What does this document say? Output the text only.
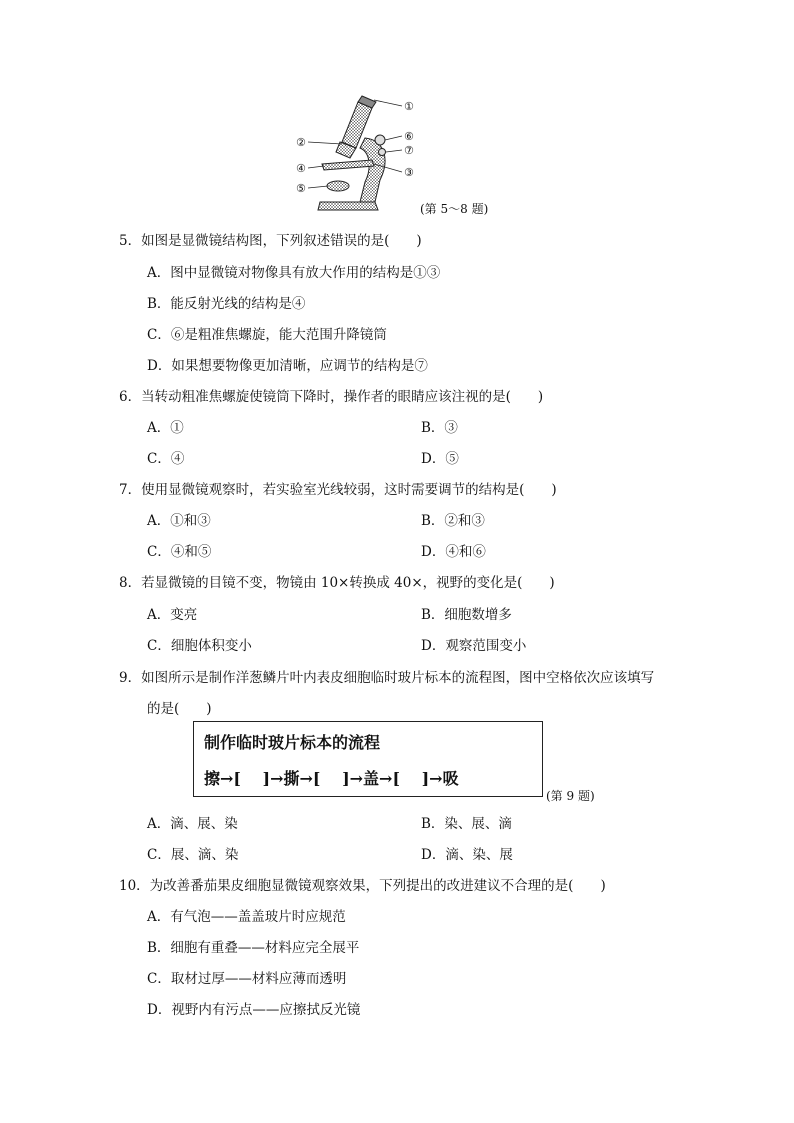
①
②
③
④
⑤
⑥
⑦
(第 5～8 题)
5．如图是显微镜结构图，下列叙述错误的是(　　)
A．图中显微镜对物像具有放大作用的结构是①③
B．能反射光线的结构是④
C．⑥是粗准焦螺旋，能大范围升降镜筒
D．如果想要物像更加清晰，应调节的结构是⑦
6．当转动粗准焦螺旋使镜筒下降时，操作者的眼睛应该注视的是(　　)
A．①	B．③
C．④	D．⑤
7．使用显微镜观察时，若实验室光线较弱，这时需要调节的结构是(　　)
A．①和③	B．②和③
C．④和⑤	D．④和⑥
8．若显微镜的目镜不变，物镜由 10×转换成 40×，视野的变化是(　　)
A．变亮	B．细胞数增多
C．细胞体积变小	D．观察范围变小
9．如图所示是制作洋葱鳞片叶内表皮细胞临时玻片标本的流程图，图中空格依次应该填写
的是(　　)
制作临时玻片标本的流程
擦→[　 ]→撕→[　 ]→盖→[　 ]→吸
(第 9 题)
A．滴、展、染	B．染、展、滴
C．展、滴、染	D．滴、染、展
10．为改善番茄果皮细胞显微镜观察效果，下列提出的改进建议不合理的是(　　)
A．有气泡——盖盖玻片时应规范
B．细胞有重叠——材料应完全展平
C．取材过厚——材料应薄而透明
D．视野内有污点——应擦拭反光镜
